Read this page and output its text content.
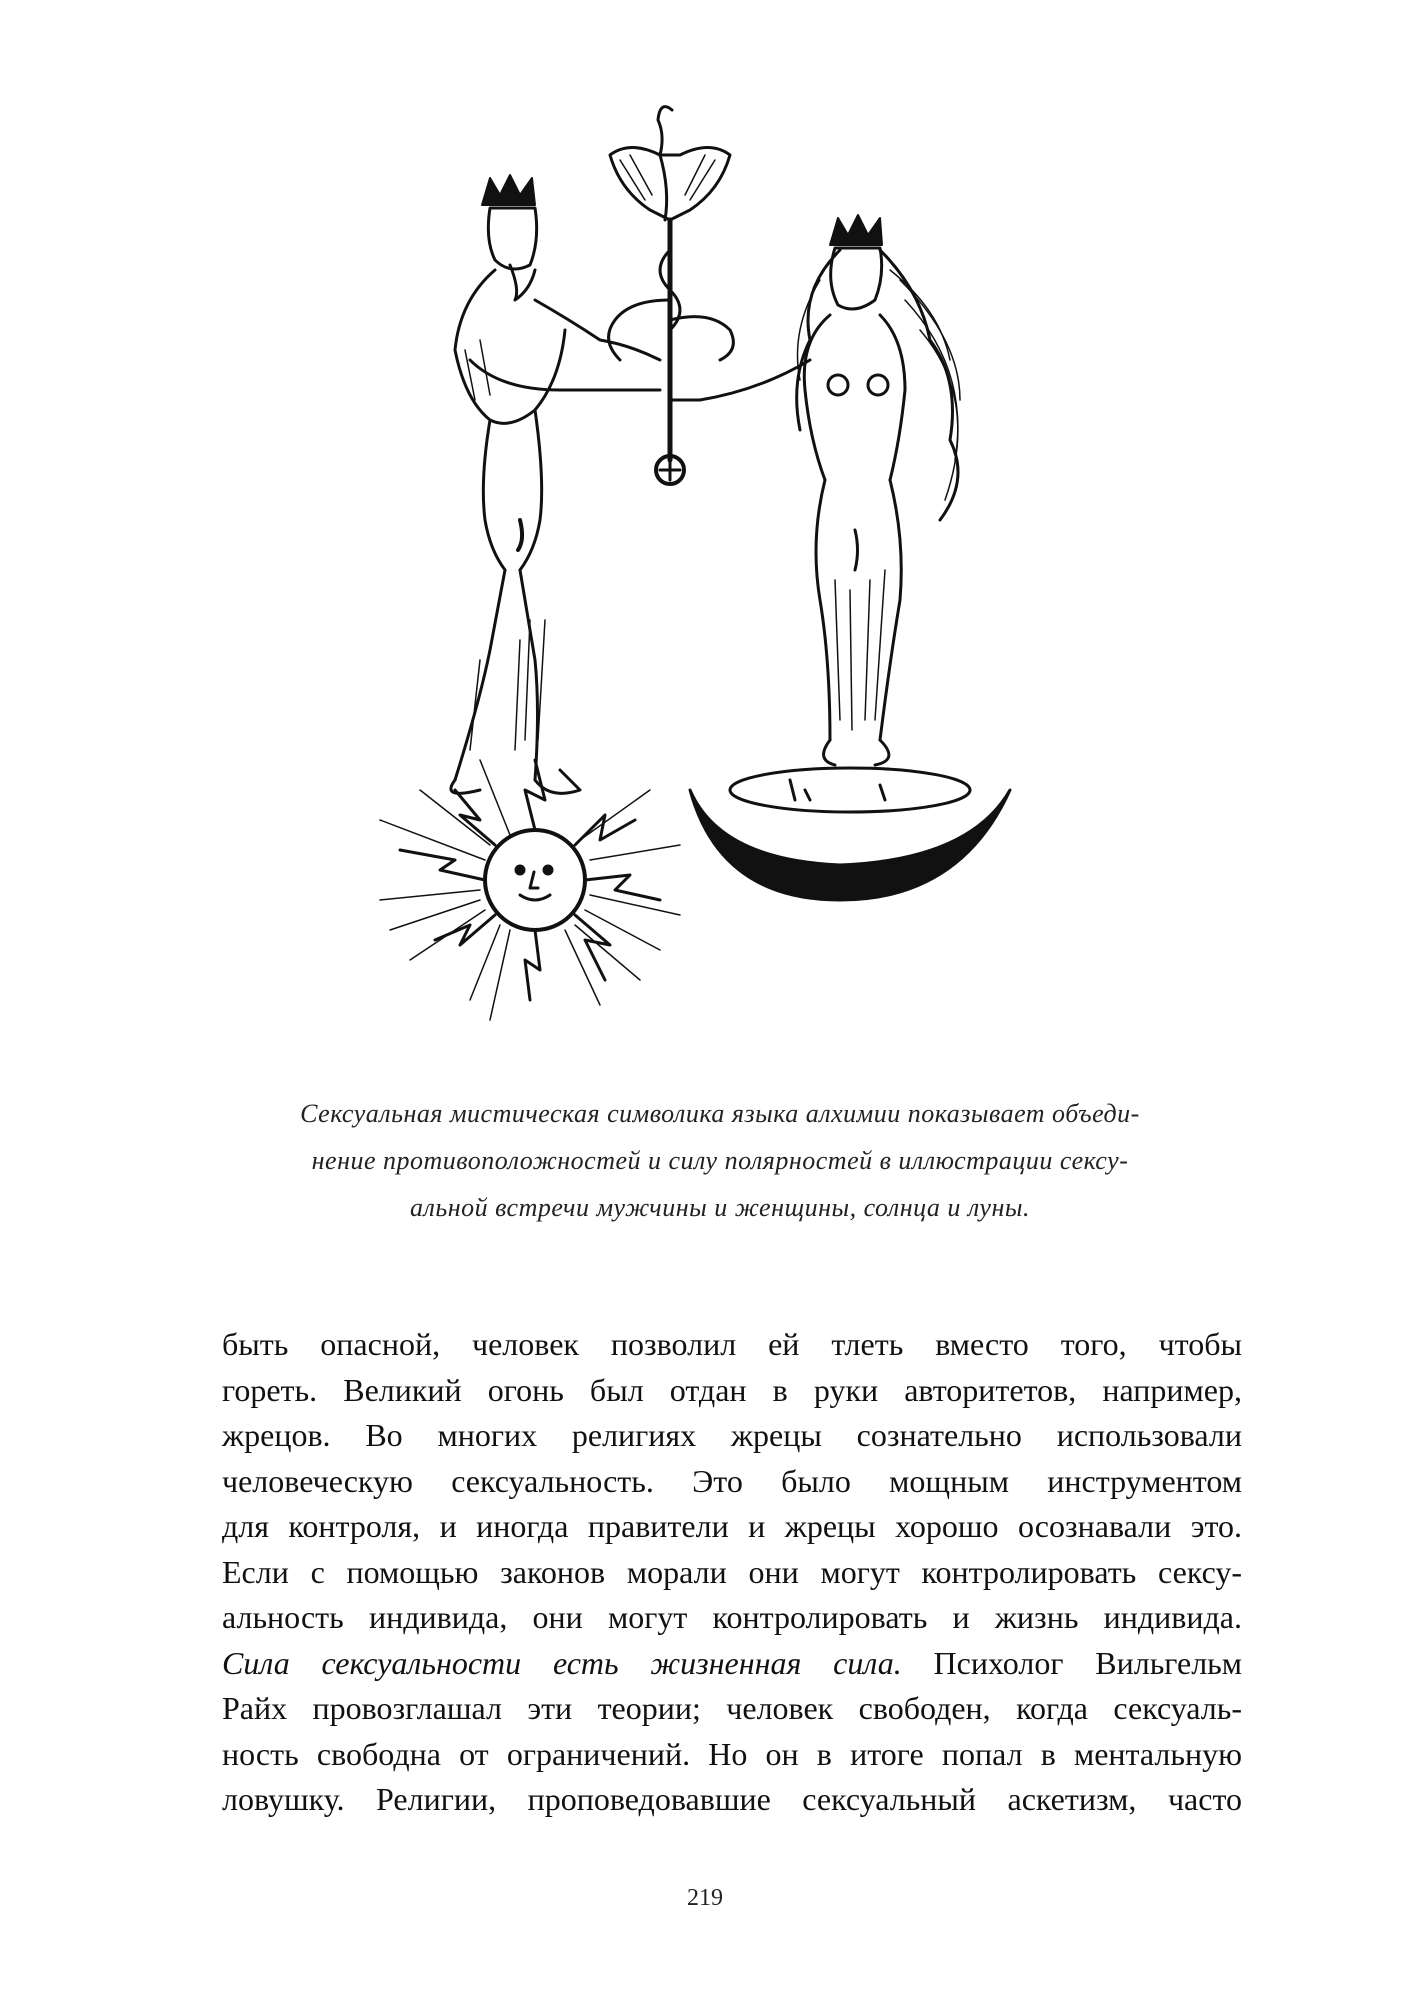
Сексуальная мистическая символика языка алхимии показывает объеди-
нение противоположностей и силу полярностей в иллюстрации сексу-
альной встречи мужчины и женщины, солнца и луны.
быть опасной, человек позволил ей тлеть вместо того, чтобы
гореть. Великий огонь был отдан в руки авторитетов, например,
жрецов. Во многих религиях жрецы сознательно использовали
человеческую сексуальность. Это было мощным инструментом
для контроля, и иногда правители и жрецы хорошо осознавали это.
Если с помощью законов морали они могут контролировать сексу-
альность индивида, они могут контролировать и жизнь индивида.
Сила сексуальности есть жизненная сила. Психолог Вильгельм
Рaйх провозглашал эти теории; человек свободен, когда сексуаль-
ность свободна от ограничений. Но он в итоге попал в ментальную
ловушку. Религии, проповедовавшие сексуальный аскетизм, часто
219
